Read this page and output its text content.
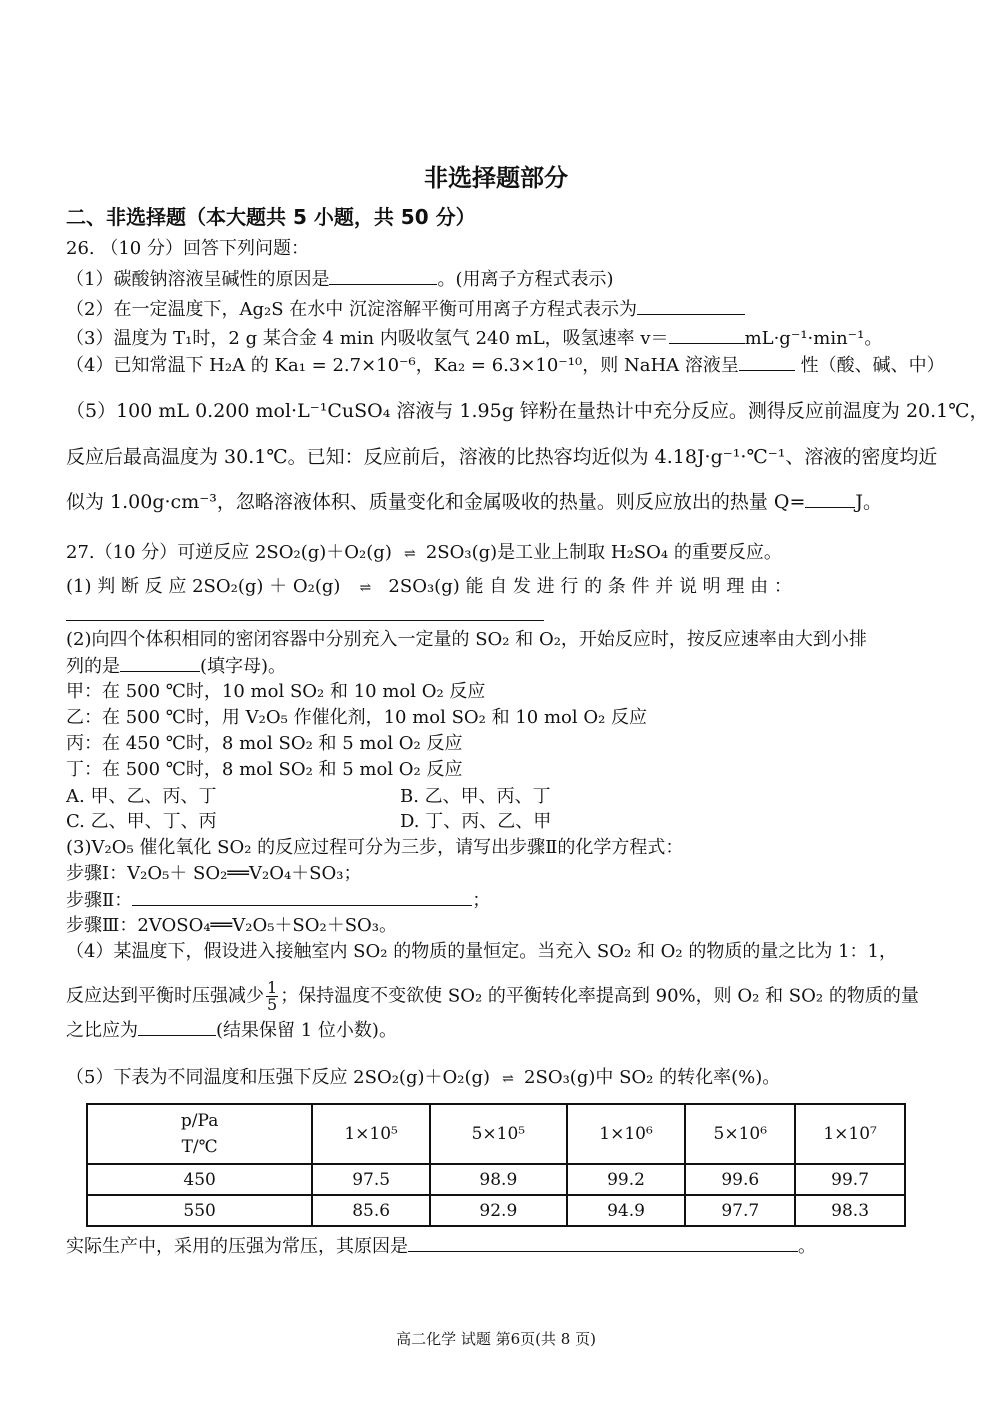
非选择题部分
二、非选择题（本大题共 5 小题，共 50 分）
26. （10 分）回答下列问题：
（1）碳酸钠溶液呈碱性的原因是	。(用离子方程式表示)
（2）在一定温度下，Ag₂S 在水中 沉淀溶解平衡可用离子方程式表示为
（3）温度为 T₁时，2 g 某合金 4 min 内吸收氢气 240 mL，吸氢速率 v＝	mL·g⁻¹·min⁻¹。
（4）已知常温下 H₂A 的 Ka₁ = 2.7×10⁻⁶，Ka₂ = 6.3×10⁻¹⁰，则 NaHA 溶液呈	性（酸、碱、中）
（5）100 mL 0.200 mol·L⁻¹CuSO₄ 溶液与 1.95g 锌粉在量热计中充分反应。测得反应前温度为 20.1℃，
反应后最高温度为 30.1℃。已知：反应前后，溶液的比热容均近似为 4.18J·g⁻¹·℃⁻¹、溶液的密度均近
似为 1.00g·cm⁻³，忽略溶液体积、质量变化和金属吸收的热量。则反应放出的热量 Q=	J。
27.（10 分）可逆反应 2SO₂(g)＋O₂(g) ⇌ 2SO₃(g)是工业上制取 H₂SO₄ 的重要反应。
(1) 判 断 反 应 2SO₂(g) ＋ O₂(g) ⇌ 2SO₃(g) 能 自 发 进 行 的 条 件 并 说 明 理 由 ：
(2)向四个体积相同的密闭容器中分别充入一定量的 SO₂ 和 O₂，开始反应时，按反应速率由大到小排
列的是	(填字母)。
甲：在 500 ℃时，10 mol SO₂ 和 10 mol O₂ 反应
乙：在 500 ℃时，用 V₂O₅ 作催化剂，10 mol SO₂ 和 10 mol O₂ 反应
丙：在 450 ℃时，8 mol SO₂ 和 5 mol O₂ 反应
丁：在 500 ℃时，8 mol SO₂ 和 5 mol O₂ 反应
A. 甲、乙、丙、丁	B. 乙、甲、丙、丁
C. 乙、甲、丁、丙	D. 丁、丙、乙、甲
(3)V₂O₅ 催化氧化 SO₂ 的反应过程可分为三步，请写出步骤Ⅱ的化学方程式：
步骤Ⅰ：V₂O₅＋ SO₂══V₂O₄＋SO₃；
步骤Ⅱ：	；
步骤Ⅲ：2VOSO₄══V₂O₅＋SO₂＋SO₃。
（4）某温度下，假设进入接触室内 SO₂ 的物质的量恒定。当充入 SO₂ 和 O₂ 的物质的量之比为 1：1，
反应达到平衡时压强减少 $\frac{1}{5}$ ；保持温度不变欲使 SO₂ 的平衡转化率提高到 90%，则 O₂ 和 SO₂ 的物质的量
之比应为	(结果保留 1 位小数)。
（5）下表为不同温度和压强下反应 2SO₂(g)＋O₂(g) ⇌ 2SO₃(g)中 SO₂ 的转化率(%)。
p/Pa
T/℃	1×10⁵	5×10⁵	1×10⁶	5×10⁶	1×10⁷
450	97.5	98.9	99.2	99.6	99.7
550	85.6	92.9	94.9	97.7	98.3
实际生产中，采用的压强为常压，其原因是	。
高二化学 试题 第6页(共 8 页)
